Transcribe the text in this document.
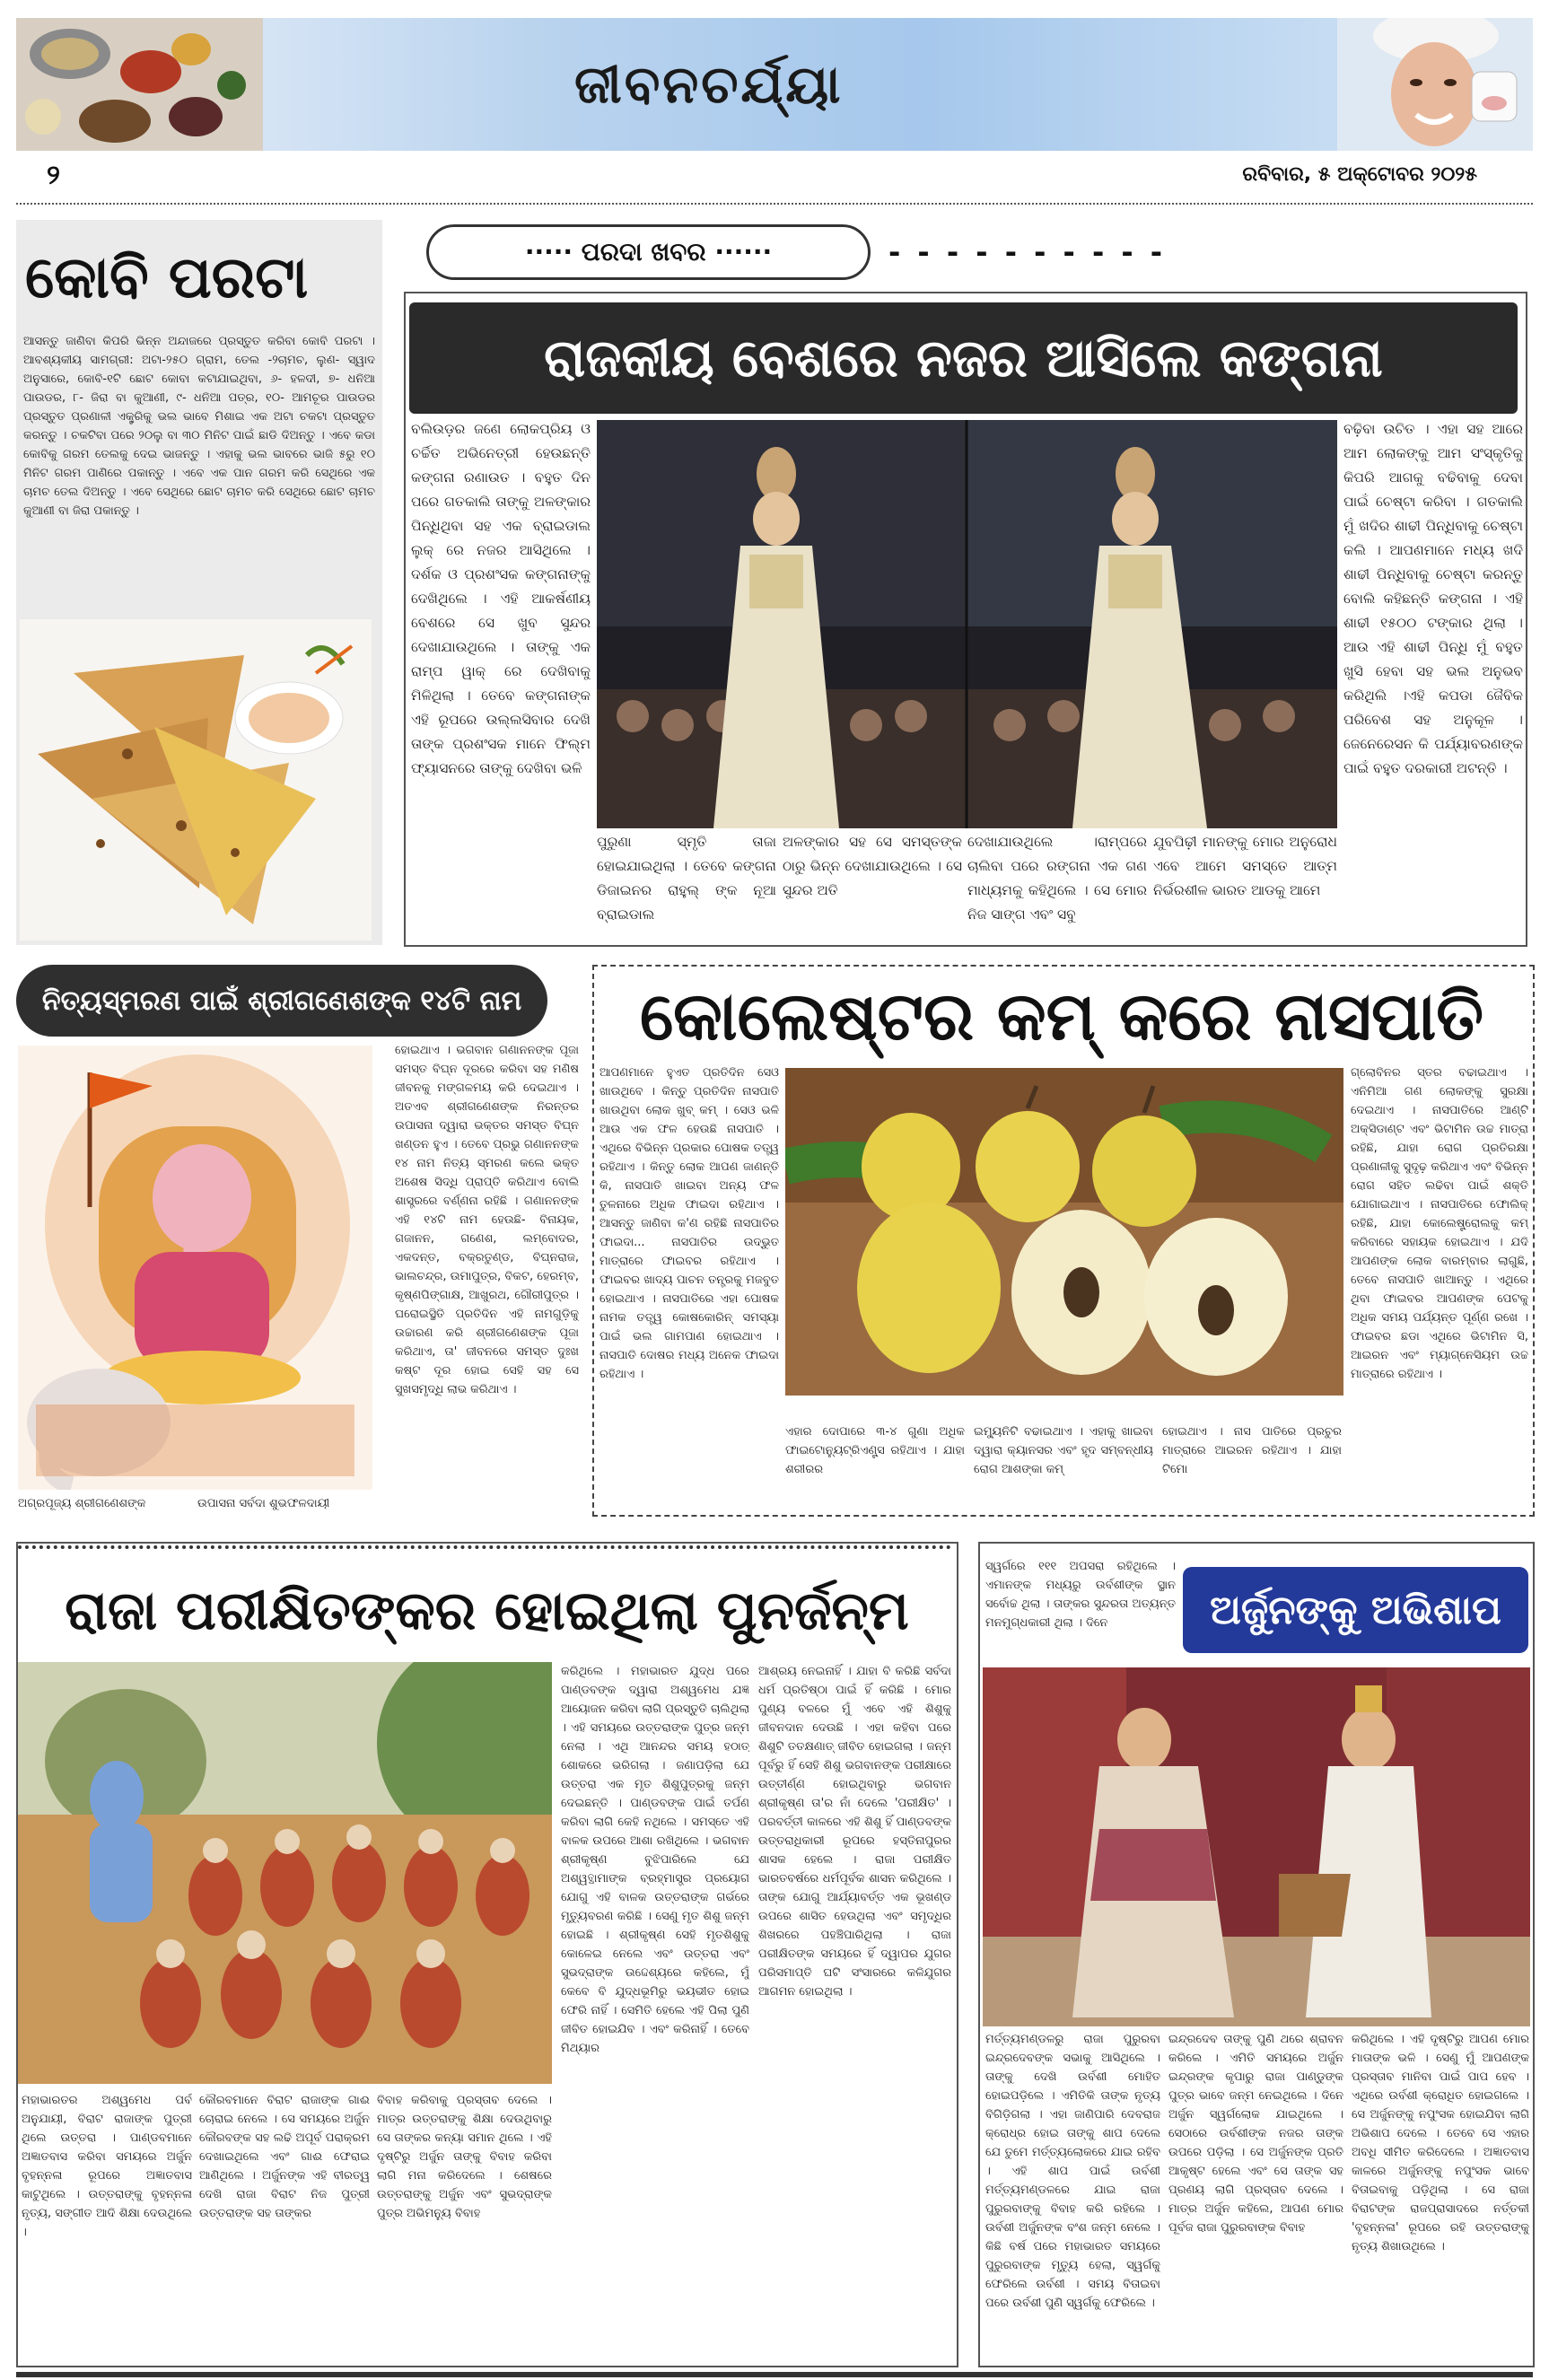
ଜୀବନଚର୍ଯ୍ୟା
୨	ରବିବାର, ୫ ଅକ୍ଟୋବର ୨୦୨୫
କୋବି ପରଟା
ଆସନ୍ତୁ ଜାଣିବା କିପରି ଭିନ୍ନ ଅନ୍ଦାଜରେ ପ୍ରସ୍ତୁତ କରିବା କୋବି ପରଟା । ଆବଶ୍ୟକୀୟ ସାମଗ୍ରୀ: ଅଟା-୨୫୦ ଗ୍ରାମ, ତେଲ -୨ଚାମଚ, ଲୁଣ- ସ୍ୱାଦ ଅନୁସାରେ, କୋବି-୧ଟି ଛୋଟ କୋବା କଟାଯାଇଥିବା, ୬- ହଳଦୀ, ୭- ଧନିଆ ପାଉଡର, ୮- ଜିରା ବା କୁଆଣୀ, ୯- ଧନିଆ ପତ୍ର, ୧୦- ଆମଚୂର ପାଉଡର ପ୍ରସ୍ତୁତ ପ୍ରଣାଳୀ ଏକ୍ଟ୍ରିକୁ ଭଲ ଭାବେ ମିଶାଇ ଏକ ଅଟା ଚକଟା ପ୍ରସ୍ତୁତ କରନ୍ତୁ । ଚକଟିବା ପରେ ୨୦ଲୁ ବା ୩୦ ମିନିଟ ପାଇଁ ଛାଡି ଦିଅନ୍ତୁ । ଏବେ କଡା କୋବିକୁ ଗରମ ତେଲକୁ ଦେଇ ଭାଜନ୍ତୁ । ଏହାକୁ ଭଲ ଭାବରେ ଭାଜି ୫ରୁ ୧୦ ମିନିଟ ଗରମ ପାଣିରେ ପକାନ୍ତୁ । ଏବେ ଏକ ପାନ ଗରମ କରି ସେଥିରେ ଏକ ଚାମଚ ତେଲ ଦିଅନ୍ତୁ । ଏବେ ସେଥିରେ ଛୋଟ ଚାମଚ କରି ସେଥିରେ ଛୋଟ ଚାମଚ କୁଆଣୀ ବା ଜିରା ପକାନ୍ତୁ ।
····· ପରଦା ଖବର ······	- - - - - - - - - -
ରାଜକୀୟ ବେଶରେ ନଜର ଆସିଲେ କଙ୍ଗନା
ବଲିଉଡ଼ର ଜଣେ ଲୋକପ୍ରିୟ ଓ ଚର୍ଚ୍ଚିତ ଅଭିନେତ୍ରୀ ହେଉଛନ୍ତି କଙ୍ଗନା ରଣାଉତ । ବହୁତ ଦିନ ପରେ ଗତକାଲି ତାଙ୍କୁ ଅଳଙ୍କାର ପିନ୍ଧିଥିବା ସହ ଏକ ବ୍ରାଇଡାଲ ଲୁକ୍ ରେ ନଜର ଆସିଥିଲେ । ଦର୍ଶକ ଓ ପ୍ରଶଂସକ କଙ୍ଗନାଙ୍କୁ ଦେଖିଥିଲେ । ଏହି ଆକର୍ଷଣୀୟ ବେଶରେ ସେ ଖୁବ ସୁନ୍ଦର ଦେଖାଯାଉଥିଲେ । ତାଙ୍କୁ ଏକ ରାମ୍ପ ୱାକ୍ ରେ ଦେଖିବାକୁ ମିଳିଥିଲା । ତେବେ କଙ୍ଗନାଙ୍କ ଏହି ରୂପରେ ଉଲ୍ଲସିବାର ଦେଖି ତାଙ୍କ ପ୍ରଶଂସକ ମାନେ ଫିଲ୍ମ ଫ୍ୟାସନରେ ତାଙ୍କୁ ଦେଖିବା ଭଳି
ପୁରୁଣା ସ୍ମୃତି ତାଜା ହୋଇଯାଇଥିଲା । ତେବେ କଙ୍ଗନା ଡିଜାଇନର ରାହୁଲ୍ ଙ୍କ ନୂଆ ବ୍ରାଇଡାଲ
ଅଳଙ୍କାର ସହ ସେ ସମସ୍ତଙ୍କ ଠାରୁ ଭିନ୍ନ ଦେଖାଯାଉଥିଲେ । ସେ ସୁନ୍ଦର ଅତି
ଦେଖାଯାଉଥିଲେ ।ରାମ୍ପରେ ଚାଲିବା ପରେ ରଙ୍ଗନା ଏକ ଗଣ ମାଧ୍ୟମକୁ କହିଥିଲେ । ସେ ମୋର ନିଜ ସାଙ୍ଗ ଏବଂ ସବୁ
ଯୁବପିଢ଼ୀ ମାନଙ୍କୁ ମୋର ଅନୁରୋଧ ଏବେ ଆମେ ସମସ୍ତେ ଆତ୍ମ ନିର୍ଭରଶୀଳ ଭାରତ ଆଡକୁ ଆମେ
ବଢ଼ିବା ଉଚିତ । ଏହା ସହ ଆରେ ଆମ ଲୋକଙ୍କୁ ଆମ ସଂସ୍କୃତିକୁ କିପରି ଆଗକୁ ବଢିବାକୁ ଦେବା ପାଇଁ ଚେଷ୍ଟା କରିବା । ଗତକାଲି ମୁଁ ଖଦିର ଶାଢୀ ପିନ୍ଧିବାକୁ ଚେଷ୍ଟା କଲି । ଆପଣମାନେ ମଧ୍ୟ ଖଦି ଶାଢୀ ପିନ୍ଧିବାକୁ ଚେଷ୍ଟା କରନ୍ତୁ ବୋଲି କହିଛନ୍ତି କଙ୍ଗନା । ଏହି ଶାଢୀ ୧୫୦୦ ଟଙ୍କାର ଥିଲା । ଆଉ ଏହି ଶାଢୀ ପିନ୍ଧି ମୁଁ ବହୁତ ଖୁସି ହେବା ସହ ଭଲ ଅନୁଭବ କରିଥିଲି ।ଏହି କପଡା ଜୈବିକ ପରିବେଶ ସହ ଅନୁକୂଳ । ଜେନେରେସନ କି ପର୍ଯ୍ୟାବରଣଙ୍କ ପାଇଁ ବହୁତ ଦରକାରୀ ଅଟନ୍ତି ।
ନିତ୍ୟସ୍ମରଣ ପାଇଁ ଶ୍ରୀଗଣେଶଙ୍କ ୧୪ଟି ନାମ
ଅଗ୍ରପୂଜ୍ୟ ଶ୍ରୀଗଣେଶଙ୍କ	ଉପାସନା ସର୍ବଦା ଶୁଭଫଳଦାୟୀ
ହୋଇଥାଏ । ଭଗବାନ ଗଣାନନଙ୍କ ପୂଜା ସମସ୍ତ ବିଘ୍ନ ଦୂରରେ କରିବା ସହ ମଣିଷ ଜୀବନକୁ ମଙ୍ଗଳମୟ କରି ଦେଇଥାଏ । ଅତଏବ ଶ୍ରୀଗଣେଶଙ୍କ ନିରନ୍ତର ଉପାସନା ଦ୍ୱାରା ଭକ୍ତର ସମସ୍ତ ବିଘ୍ନ ଖଣ୍ଡନ ହୁଏ । ତେବେ ପ୍ରଭୁ ଗଣାନନଙ୍କ ୧୪ ନାମ ନିତ୍ୟ ସ୍ମରଣ କଲେ ଭକ୍ତ ଅଶେଷ ସିଦ୍ଧି ପ୍ରାପ୍ତି କରିଥାଏ ବୋଲି ଶାସ୍ତ୍ରରେ ବର୍ଣ୍ଣନା ରହିଛି । ଗଣାନନଙ୍କ ଏହି ୧୪ଟି ନାମ ହେଉଛି- ବିନାୟକ, ଗଜାନନ, ଗଣେଶ, ଲମ୍ବୋଦର, ଏକଦନ୍ତ, ବକ୍ରତୁଣ୍ଡ, ବିଘ୍ନରାଜ, ଭାଲଚନ୍ଦ୍ର, ଉମାପୁତ୍ର, ବିକଟ, ହେରମ୍ବ, କୃଷ୍ଣପିଙ୍ଗାକ୍ଷ, ଆଖୁରଥ, ଗୌରୀପୁତ୍ର । ଘରୋଇସ୍ଥିତି ପ୍ରତିଦିନ ଏହି ନାମଗୁଡ଼ିକୁ ଉଚ୍ଚାରଣ କରି ଶ୍ରୀଗଣେଶଙ୍କ ପୂଜା କରିଥାଏ, ତା' ଜୀବନରେ ସମସ୍ତ ଦୁଃଖ କଷ୍ଟ ଦୂର ହୋଇ ସେହି ସହ ସେ ସୁଖସମୃଦ୍ଧି ଲାଭ କରିଥାଏ ।
କୋଲେଷ୍ଟର କମ୍ କରେ ନାସପାତି
ଆପଣମାନେ ହୁଏତ ପ୍ରତିଦିନ ସେଓ ଖାଉଥିବେ । କିନ୍ତୁ ପ୍ରତିଦିନ ନାସପାତି ଖାଉଥିବା ଲୋକ ଖୁବ୍ କମ୍ । ସେଓ ଭଳି ଆଉ ଏକ ଫଳ ହେଉଛି ନାସପାତି । ଏଥିରେ ବିଭିନ୍ନ ପ୍ରକାର ପୋଷକ ତତ୍ତ୍ୱ ରହିଥାଏ । କିନ୍ତୁ ଲୋକ ଆପଣ ଜାଣନ୍ତି କି, ନାସପାତି ଖାଇବା ଅନ୍ୟ ଫଳ ତୁଳନାରେ ଅଧିକ ଫାଇଦା ରହିଥାଏ । ଆସନ୍ତୁ ଜାଣିବା କ'ଣ ରହିଛି ନାସପାତିର ଫାଇଦା... ନାସପାତିର ଉଦ୍ଭୁତ ମାତ୍ରାରେ ଫାଇବର ରହିଥାଏ । ଫାଇବର ଖାଦ୍ୟ ପାଚନ ତନ୍ତ୍ରକୁ ମଜବୁତ ହୋଇଥାଏ । ନାସପାତିରେ ଏହା ପୋଷକ ନାମକ ତତ୍ତ୍ୱ କୋଷକୋରିନ୍ ସମସ୍ୟା ପାଇଁ ଭଲ ଗାମପାଣ ହୋଇଥାଏ । ନାସପାତି ଦୋଷର ମଧ୍ୟ ଅନେକ ଫାଇଦା ରହିଥାଏ ।
ଏହାର ଦୋପାରେ ୩-୪ ଗୁଣା ଅଧିକ ଫାଇଟୋନ୍ୟୁଟ୍ରିଏଣ୍ଟ୍ସ ରହିଥାଏ । ଯାହା ଶରୀରର
ଇମ୍ୟୁନିଟି ବଢାଇଥାଏ । ଏହାକୁ ଖାଇବା ଦ୍ୱାରା କ୍ୟାନସର ଏବଂ ହୃଦ ସମ୍ବନ୍ଧୀୟ ରୋଗ ଆଶଙ୍କା କମ୍
ହୋଇଥାଏ । ନାସ ପାତିରେ ପ୍ରଚୁର ମାତ୍ରାରେ ଆଇରନ ରହିଥାଏ । ଯାହା ଟିମୋ
ଗ୍ଲୋବିନର ସ୍ତର ବଢାଇଥାଏ । ଏନିମିଆ ଗଣ ଲୋକଙ୍କୁ ସୁରକ୍ଷା ଦେଇଥାଏ । ନାସପାତିରେ ଆଣ୍ଟି ଅକ୍ସିଡାଣ୍ଟ ଏବଂ ଭିଟାମିନ ଉଚ୍ଚ ମାତ୍ରା ରହିଛି, ଯାହା ରୋଗ ପ୍ରତିରକ୍ଷା ପ୍ରଣାଳୀକୁ ସୁଦୃଢ଼ କରିଥାଏ ଏବଂ ବିଭିନ୍ନ ରୋଗ ସହିତ ଲଢିବା ପାଇଁ ଶକ୍ତି ଯୋଗାଇଥାଏ । ନାସପାତିରେ ଫୋଲିକ୍ ରହିଛି, ଯାହା କୋଲେଷ୍ଟ୍ରୋଲକୁ କମ୍ କରିବାରେ ସହାୟକ ହୋଇଥାଏ । ଯଦି ଆପଣଙ୍କ ଲୋକ ବାରମ୍ବାର ଲାଗୁଛି, ତେବେ ନାସପାତି ଖାଆନ୍ତୁ । ଏଥିରେ ଥିବା ଫାଇବର ଆପଣଙ୍କ ପେଟକୁ ଅଧିକ ସମୟ ପର୍ଯ୍ୟନ୍ତ ପୂର୍ଣ୍ଣ ରଖେ । ଫାଇବର ଛଡା ଏଥିରେ ଭିଟାମିନ ସି, ଆଇରନ ଏବଂ ମ୍ୟାଗ୍ନେସିୟମ ଉଚ୍ଚ ମାତ୍ରାରେ ରହିଥାଏ ।
ରାଜା ପରୀକ୍ଷିତଙ୍କର ହୋଇଥିଲା ପୁନର୍ଜନ୍ମ
ମହାଭାରତର ଅଶ୍ୱମେଧ ପର୍ବ ଅନୁଯାୟୀ, ବିରାଟ ରାଜାଙ୍କ ପୁତ୍ରୀ ଥିଲେ ଉତ୍ତରା । ପାଣ୍ଡବମାନେ ଅଜ୍ଞାତବାସ କରିବା ସମୟରେ ଅର୍ଜୁନ ବୃହନ୍ନଳା ରୂପରେ ଅଜ୍ଞାତବାସ କାଟୁଥିଲେ । ଉତ୍ତରାଙ୍କୁ ବୃହନ୍ନଳା ନୃତ୍ୟ, ସଙ୍ଗୀତ ଆଦି ଶିକ୍ଷା ଦେଉଥିଲେ ।
କୌରବମାନେ ବିରାଟ ରାଜାଙ୍କ ଗାଈ ଚୋରାଇ ନେଲେ । ସେ ସମୟରେ ଅର୍ଜୁନ କୌରବଙ୍କ ସହ ଲଢି ଅପୂର୍ବ ପରାକ୍ରମ ଦେଖାଇଥିଲେ ଏବଂ ଗାଈ ଫେରାଇ ଆଣିଥିଲେ । ଅର୍ଜୁନଙ୍କ ଏହି ବୀରତ୍ୱ ଦେଖି ରାଜା ବିରାଟ ନିଜ ପୁତ୍ରୀ ଉତ୍ତରାଙ୍କ ସହ ତାଙ୍କର
ବିବାହ କରିବାକୁ ପ୍ରସ୍ତାବ ଦେଲେ । ମାତ୍ର ଉତ୍ତରାଙ୍କୁ ଶିକ୍ଷା ଦେଉଥିବାରୁ ସେ ତାଙ୍କର କନ୍ୟା ସମାନ ଥିଲେ । ଏହି ଦୃଷ୍ଟିରୁ ଅର୍ଜୁନ ତାଙ୍କୁ ବିବାହ କରିବା ଲାଗି ମନା କରିଦେଲେ । ଶେଷରେ ଉତ୍ତରାଙ୍କୁ ଅର୍ଜୁନ ଏବଂ ସୁଭଦ୍ରାଙ୍କ ପୁତ୍ର ଅଭିମନ୍ୟୁ ବିବାହ
କରିଥିଲେ । ମହାଭାରତ ଯୁଦ୍ଧ ପରେ ପାଣ୍ଡବଙ୍କ ଦ୍ୱାରା ଅଶ୍ୱମେଧ ଯଜ୍ଞ ଆୟୋଜନ କରିବା ଲାଗି ପ୍ରସ୍ତୁତି ଚାଲିଥିଲା । ଏହି ସମୟରେ ଉତ୍ତରାଙ୍କ ପୁତ୍ର ଜନ୍ମ ନେଲା । ଏଥି ଆନନ୍ଦର ସମୟ ହଠାତ୍ ଶୋକରେ ଭରିଗଲା । ଜଣାପଡ଼ିଲା ଯେ ଉତ୍ତରା ଏକ ମୃତ ଶିଶୁପୁତ୍ରକୁ ଜନ୍ମ ଦେଇଛନ୍ତି । ପାଣ୍ଡବଙ୍କ ପାଇଁ ତର୍ପଣ କରିବା ଲାଗି କେହି ନଥିଲେ । ସମସ୍ତେ ଏହି ବାଳକ ଉପରେ ଆଶା ରଖିଥିଲେ । ଭଗବାନ ଶ୍ରୀକୃଷ୍ଣ ବୁଝିପାରିଲେ ଯେ ଅଶ୍ୱତ୍ଥାମାଙ୍କ ବ୍ରହ୍ମାସ୍ତ୍ର ପ୍ରୟୋଗ ଯୋଗୁ ଏହି ବାଳକ ଉତ୍ତରାଙ୍କ ଗର୍ଭରେ ମୃତ୍ୟୁବରଣ କରିଛି । ସେଣୁ ମୃତ ଶିଶୁ ଜନ୍ମ ହୋଇଛି । ଶ୍ରୀକୃଷ୍ଣ ସେହି ମୃତଶିଶୁକୁ କୋଳେଇ ନେଲେ ଏବଂ ଉତ୍ତରା ଏବଂ ସୁଭଦ୍ରାଙ୍କ ଉଦ୍ଦେଶ୍ୟରେ କହିଲେ, ମୁଁ କେବେ ବି ଯୁଦ୍ଧଭୂମିରୁ ଭୟଭୀତ ହୋଇ ଫେରି ନାହିଁ । ସେମିତି ହେଲେ ଏହି ପିଲା ପୁଣି ଜୀବିତ ହୋଇଯିବ । ଏବଂ କରିନାହିଁ । ତେବେ ମିଥ୍ୟାର
ଆଶ୍ରୟ ନେଇନାହିଁ । ଯାହା ବି କରିଛି ସର୍ବଦା ଧର୍ମ ପ୍ରତିଷ୍ଠା ପାଇଁ ହିଁ କରିଛି । ମୋର ପୁଣ୍ୟ ବଳରେ ମୁଁ ଏବେ ଏହି ଶିଶୁକୁ ଜୀବନଦାନ ଦେଉଛି । ଏହା କହିବା ପରେ ଶିଶୁଟି ତତକ୍ଷଣାତ୍ ଜୀବିତ ହୋଇଗଲା । ଜନ୍ମ ପୂର୍ବରୁ ହିଁ ସେହି ଶିଶୁ ଭଗବାନଙ୍କ ପରୀକ୍ଷାରେ ଉତ୍ତୀର୍ଣ୍ଣ ହୋଇଥିବାରୁ ଭଗବାନ ଶ୍ରୀକୃଷ୍ଣ ତା'ର ନାଁ ଦେଲେ 'ପରୀକ୍ଷିତ' । ପରବର୍ତ୍ତୀ କାଳରେ ଏହି ଶିଶୁ ହିଁ ପାଣ୍ଡବଙ୍କ ଉତ୍ତରାଧିକାରୀ ରୂପରେ ହସ୍ତିନାପୁରର ଶାସକ ହେଲେ । ରାଜା ପରୀକ୍ଷିତ ଭାରତବର୍ଷରେ ଧର୍ମପୂର୍ବକ ଶାସନ କରିଥିଲେ । ତାଙ୍କ ଯୋଗୁ ଆର୍ଯ୍ୟାବର୍ତ୍ତ ଏକ ଭୂଖଣ୍ଡ ଉପରେ ଶାସିତ ହେଉଥିଲା ଏବଂ ସମୃଦ୍ଧିର ଶିଖରରେ ପହଞ୍ଚିପାରିଥିଲା । ରାଜା ପରୀକ୍ଷିତଙ୍କ ସମୟରେ ହିଁ ଦ୍ୱାପର ଯୁଗର ପରିସମାପ୍ତି ଘଟି ସଂସାରରେ କଳିଯୁଗର ଆଗମନ ହୋଇଥିଲା ।
ସ୍ୱର୍ଗରେ ୧୧୧ ଅପସରା ରହିଥିଲେ । ଏମାନଙ୍କ ମଧ୍ୟରୁ ଉର୍ବଶୀଙ୍କ ସ୍ଥାନ ସର୍ବୋଚ୍ଚ ଥିଲା । ତାଙ୍କର ସୁନ୍ଦରତା ଅତ୍ୟନ୍ତ ମନମୁଗ୍ଧକାରୀ ଥିଲା । ଦିନେ	ଅର୍ଜୁନଙ୍କୁ ଅଭିଶାପ
ମର୍ତ୍ତ୍ୟମଣ୍ଡଳରୁ ରାଜା ପୁରୁରବା ଇନ୍ଦ୍ରଦେବଙ୍କ ସଭାକୁ ଆସିଥିଲେ । ତାଙ୍କୁ ଦେଖି ଉର୍ବଶୀ ମୋହିତ ହୋଇପଡ଼ିଲେ । ଏମିତିକି ତାଙ୍କ ନୃତ୍ୟ ବିଗିଡ଼ିଗଲା । ଏହା ଜାଣିପାରି ଦେବରାଜ କ୍ରୋଧ୍ର ହୋଇ ତାଙ୍କୁ ଶାପ ଦେଲେ ଯେ ତୁମେ ମର୍ତ୍ତ୍ୟଲୋକରେ ଯାଇ ରହିବ । ଏହି ଶାପ ପାଇଁ ଉର୍ବଶୀ ମର୍ତ୍ତ୍ୟମଣ୍ଡଳରେ ଯାଇ ରାଜା ପୁରୁରବାଙ୍କୁ ବିବାହ କରି ରହିଲେ । ଉର୍ବଶୀ ଅର୍ଜୁନଙ୍କ ବଂଶ ଜନ୍ମ ନେଲେ । କିଛି ବର୍ଷ ପରେ ମହାଭାରତ ସମୟରେ ପୁରୁରବାଙ୍କ ମୃତ୍ୟୁ ହେଲା, ସ୍ୱର୍ଗକୁ ଫେରିଲେ ଉର୍ବଶୀ । ସମୟ ବିତାଇବା ପରେ ଉର୍ବଶୀ ପୁଣି ସ୍ୱର୍ଗକୁ ଫେରିଲେ ।
ଇନ୍ଦ୍ରଦେବ ତାଙ୍କୁ ପୁଣି ଥରେ ଶ୍ରାବନ କରିଲେ । ଏମିତି ସମୟରେ ଅର୍ଜୁନ ଇନ୍ଦ୍ରଙ୍କ କୃପାରୁ ରାଜା ପାଣ୍ଡୁଙ୍କ ପୁତ୍ର ଭାବେ ଜନ୍ମ ନେଇଥିଲେ । ଦିନେ ଅର୍ଜୁନ ସ୍ୱର୍ଗଲୋକ ଯାଇଥିଲେ । ସେଠାରେ ଉର୍ବଶୀଙ୍କ ନଜର ତାଙ୍କ ଉପରେ ପଡ଼ିଲା । ସେ ଅର୍ଜୁନଙ୍କ ପ୍ରତି ଆକୃଷ୍ଟ ହେଲେ ଏବଂ ସେ ତାଙ୍କ ସହ ପ୍ରଣୟ ଲାଗି ପ୍ରସ୍ତାବ ଦେଲେ । ମାତ୍ର ଅର୍ଜୁନ କହିଲେ, ଆପଣ ମୋର ପୂର୍ବଜ ରାଜା ପୁରୁରବାଙ୍କ ବିବାହ
କରିଥିଲେ । ଏହି ଦୃଷ୍ଟିରୁ ଆପଣ ମୋର ମାତାଙ୍କ ଭଳି । ସେଣୁ ମୁଁ ଆପଣଙ୍କ ପ୍ରସ୍ତାବ ମାନିବା ପାଇଁ ପାପ ହେବ । ଏଥିରେ ଉର୍ବଶୀ କ୍ରୋଧିତ ହୋଇଗଲେ । ସେ ଅର୍ଜୁନଙ୍କୁ ନପୁଂସକ ହୋଇଯିବା ଲାଗି ଅଭିଶାପ ଦେଲେ । ତେବେ ସେ ଏହାର ଅବଧି ସୀମିତ କରିଦେଲେ । ଅଜ୍ଞାତବାସ କାଳରେ ଅର୍ଜୁନଙ୍କୁ ନପୁଂସକ ଭାବେ ବିତାଇବାକୁ ପଡ଼ିଥିଲା । ସେ ରାଜା ବିରାଟଙ୍କ ରାଜପ୍ରାସାଦରେ ନର୍ତ୍ତକୀ 'ବୃହନ୍ନଳା' ରୂପରେ ରହି ଉତ୍ତରାଙ୍କୁ ନୃତ୍ୟ ଶିଖାଉଥିଲେ ।
